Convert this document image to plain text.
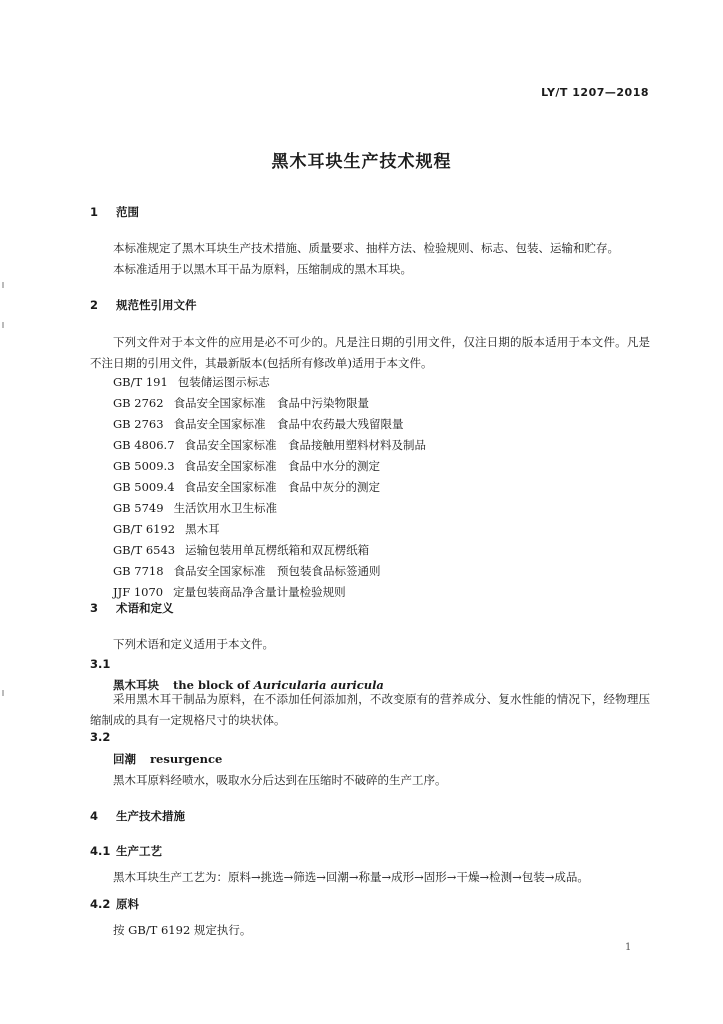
LY/T 1207—2018
黑木耳块生产技术规程
1 范围
本标准规定了黑木耳块生产技术措施、质量要求、抽样方法、检验规则、标志、包装、运输和贮存。
本标准适用于以黑木耳干品为原料，压缩制成的黑木耳块。
2 规范性引用文件
下列文件对于本文件的应用是必不可少的。凡是注日期的引用文件，仅注日期的版本适用于本文件。凡是不注日期的引用文件，其最新版本(包括所有修改单)适用于本文件。
GB/T 191 包装储运图示标志
GB 2762 食品安全国家标准　食品中污染物限量
GB 2763 食品安全国家标准　食品中农药最大残留限量
GB 4806.7 食品安全国家标准　食品接触用塑料材料及制品
GB 5009.3 食品安全国家标准　食品中水分的测定
GB 5009.4 食品安全国家标准　食品中灰分的测定
GB 5749 生活饮用水卫生标准
GB/T 6192 黑木耳
GB/T 6543 运输包装用单瓦楞纸箱和双瓦楞纸箱
GB 7718 食品安全国家标准　预包装食品标签通则
JJF 1070 定量包装商品净含量计量检验规则
3 术语和定义
下列术语和定义适用于本文件。
3.1
黑木耳块 the block of Auricularia auricula
采用黑木耳干制品为原料，在不添加任何添加剂，不改变原有的营养成分、复水性能的情况下，经物理压缩制成的具有一定规格尺寸的块状体。
3.2
回潮 resurgence
黑木耳原料经喷水，吸取水分后达到在压缩时不破碎的生产工序。
4 生产技术措施
4.1 生产工艺
黑木耳块生产工艺为：原料→挑选→筛选→回潮→称量→成形→固形→干燥→检测→包装→成品。
4.2 原料
按 GB/T 6192 规定执行。
1
